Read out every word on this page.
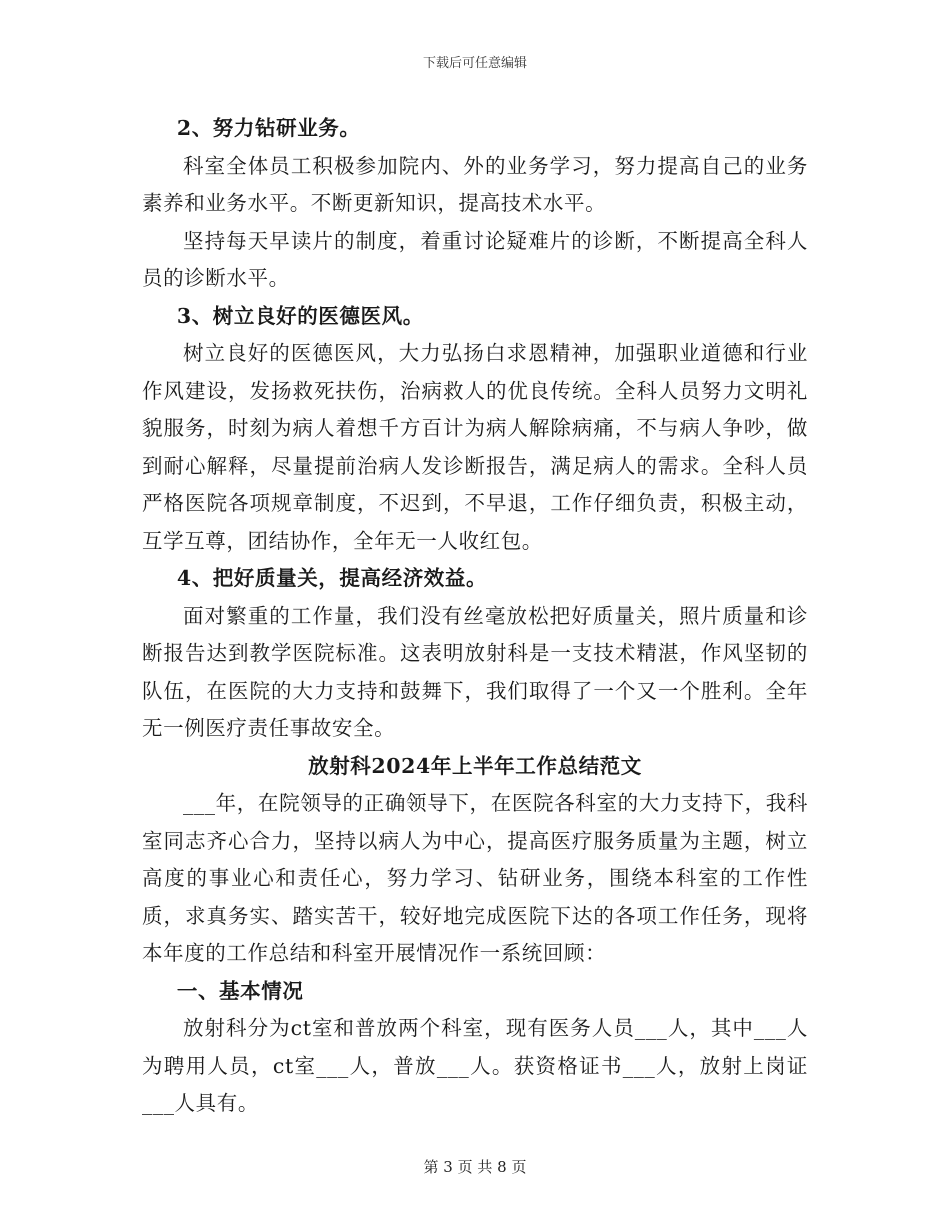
下载后可任意编辑

2、努力钻研业务。

科室全体员工积极参加院内、外的业务学习，努力提高自己的业务素养和业务水平。不断更新知识，提高技术水平。

坚持每天早读片的制度，着重讨论疑难片的诊断，不断提高全科人员的诊断水平。

3、树立良好的医德医风。

树立良好的医德医风，大力弘扬白求恩精神，加强职业道德和行业作风建设，发扬救死扶伤，治病救人的优良传统。全科人员努力文明礼貌服务，时刻为病人着想千方百计为病人解除病痛，不与病人争吵，做到耐心解释，尽量提前治病人发诊断报告，满足病人的需求。全科人员严格医院各项规章制度，不迟到，不早退，工作仔细负责，积极主动，互学互尊，团结协作，全年无一人收红包。

4、把好质量关，提高经济效益。

面对繁重的工作量，我们没有丝毫放松把好质量关，照片质量和诊断报告达到教学医院标准。这表明放射科是一支技术精湛，作风坚韧的队伍，在医院的大力支持和鼓舞下，我们取得了一个又一个胜利。全年无一例医疗责任事故安全。

放射科2024年上半年工作总结范文

___年，在院领导的正确领导下，在医院各科室的大力支持下，我科室同志齐心合力，坚持以病人为中心，提高医疗服务质量为主题，树立高度的事业心和责任心，努力学习、钻研业务，围绕本科室的工作性质，求真务实、踏实苦干，较好地完成医院下达的各项工作任务，现将本年度的工作总结和科室开展情况作一系统回顾：

一、基本情况

放射科分为ct室和普放两个科室，现有医务人员___人，其中___人为聘用人员，ct室___人，普放___人。获资格证书___人，放射上岗证___人具有。

第 3 页 共 8 页
